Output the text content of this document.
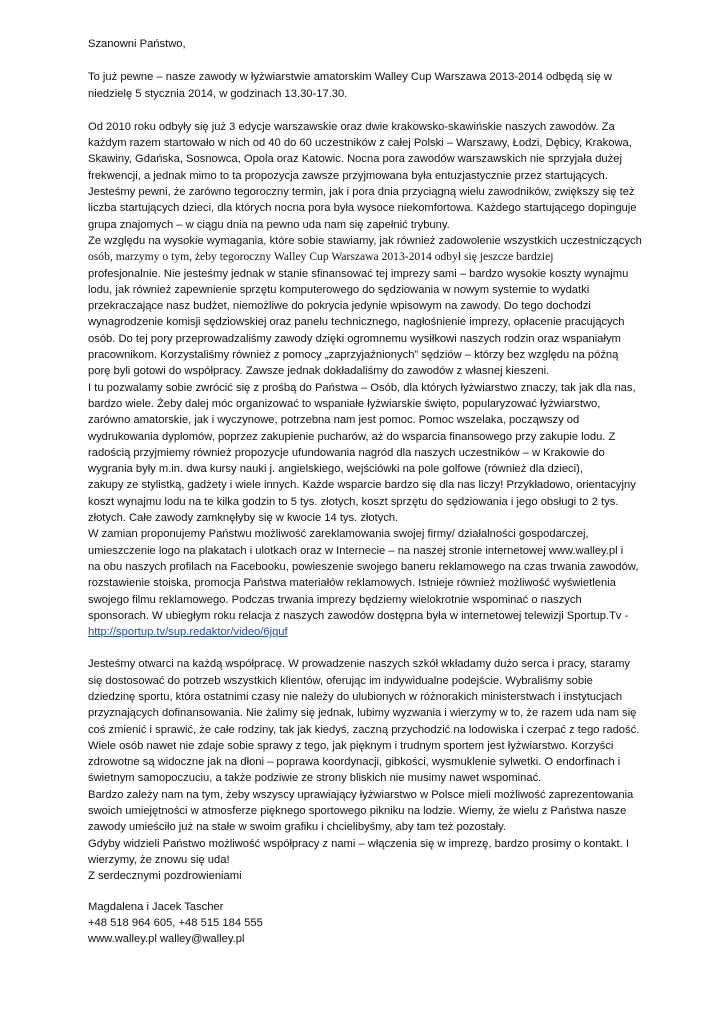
Szanowni Państwo,
To już pewne – nasze zawody w łyżwiarstwie amatorskim Walley Cup Warszawa 2013-2014 odbędą się w
niedzielę 5 stycznia 2014, w godzinach 13.30-17.30.
Od 2010 roku odbyły się już 3 edycje warszawskie oraz dwie krakowsko-skawińskie naszych zawodów. Za
każdym razem startowało w nich od 40 do 60 uczestników z całej Polski – Warszawy, Łodzi, Dębicy, Krakowa,
Skawiny, Gdańska, Sosnowca, Opola oraz Katowic. Nocna pora zawodów warszawskich nie sprzyjała dużej
frekwencji, a jednak mimo to ta propozycja zawsze przyjmowana była entuzjastycznie przez startujących.
Jesteśmy pewni, że zarówno tegoroczny termin, jak i pora dnia przyciągną wielu zawodników, zwiększy się też
liczba startujących dzieci, dla których nocna pora była wysoce niekomfortowa. Każdego startującego dopinguje
grupa znajomych – w ciągu dnia na pewno uda nam się zapełnić trybuny.
Ze względu na wysokie wymagania, które sobie stawiamy, jak również zadowolenie wszystkich uczestniczących
osób, marzymy o tym, żeby tegoroczny Walley Cup Warszawa 2013-2014 odbył się jeszcze bardziej
profesjonalnie. Nie jesteśmy jednak w stanie sfinansować tej imprezy sami – bardzo wysokie koszty wynajmu
lodu, jak również zapewnienie sprzętu komputerowego do sędziowania w nowym systemie to wydatki
przekraczające nasz budżet, niemożliwe do pokrycia jedynie wpisowym na zawody. Do tego dochodzi
wynagrodzenie komisji sędziowskiej oraz panelu technicznego, nagłośnienie imprezy, opłacenie pracujących
osób. Do tej pory przeprowadzaliśmy zawody dzięki ogromnemu wysiłkowi naszych rodzin oraz wspaniałym
pracownikom. Korzystaliśmy również z pomocy „zaprzyjaźnionych” sędziów – którzy bez względu na późną
porę byli gotowi do współpracy. Zawsze jednak dokładaliśmy do zawodów z własnej kieszeni.
I tu pozwalamy sobie zwrócić się z prośbą do Państwa – Osób, dla których łyżwiarstwo znaczy, tak jak dla nas,
bardzo wiele. Żeby dalej móc organizować to wspaniałe łyżwiarskie święto, popularyzować łyżwiarstwo,
zarówno amatorskie, jak i wyczynowe, potrzebna nam jest pomoc. Pomoc wszelaka, począwszy od
wydrukowania dyplomów, poprzez zakupienie pucharów, aż do wsparcia finansowego przy zakupie lodu. Z
radością przyjmiemy również propozycje ufundowania nagród dla naszych uczestników – w Krakowie do
wygrania były m.in. dwa kursy nauki j. angielskiego, wejściówki na pole golfowe (również dla dzieci),
zakupy ze stylistką, gadżety i wiele innych. Każde wsparcie bardzo się dla nas liczy! Przykładowo, orientacyjny
koszt wynajmu lodu na te kilka godzin to 5 tys. złotych, koszt sprzętu do sędziowania i jego obsługi to 2 tys.
złotych. Całe zawody zamknęłyby się w kwocie 14 tys. złotych.
W zamian proponujemy Państwu możliwość zareklamowania swojej firmy/ działalności gospodarczej,
umieszczenie logo na plakatach i ulotkach oraz w Internecie – na naszej stronie internetowej www.walley.pl i
na obu naszych profilach na Facebooku, powieszenie swojego baneru reklamowego na czas trwania zawodów,
rozstawienie stoiska, promocja Państwa materiałów reklamowych. Istnieje również możliwość wyświetlenia
swojego filmu reklamowego. Podczas trwania imprezy będziemy wielokrotnie wspominać o naszych
sponsorach. W ubiegłym roku relacja z naszych zawodów dostępna była w internetowej telewizji Sportup.Tv -
http://sportup.tv/sup.redaktor/video/6jquf
Jesteśmy otwarci na każdą współpracę. W prowadzenie naszych szkół wkładamy dużo serca i pracy, staramy
się dostosować do potrzeb wszystkich klientów, oferując im indywidualne podejście. Wybraliśmy sobie
dziedzinę sportu, która ostatnimi czasy nie należy do ulubionych w różnorakich ministerstwach i instytucjach
przyznających dofinansowania. Nie żalimy się jednak, lubimy wyzwania i wierzymy w to, że razem uda nam się
coś zmienić i sprawić, że całe rodziny, tak jak kiedyś, zaczną przychodzić na lodowiska i czerpać z tego radość.
Wiele osób nawet nie zdaje sobie sprawy z tego, jak pięknym i trudnym sportem jest łyżwiarstwo. Korzyści
zdrowotne są widoczne jak na dłoni – poprawa koordynacji, gibkości, wysmuklenie sylwetki. O endorfinach i
świetnym samopoczuciu, a także podziwie ze strony bliskich nie musimy nawet wspominać.
Bardzo zależy nam na tym, żeby wszyscy uprawiający łyżwiarstwo w Polsce mieli możliwość zaprezentowania
swoich umiejętności w atmosferze pięknego sportowego pikniku na lodzie. Wiemy, że wielu z Państwa nasze
zawody umieściło już na stałe w swoim grafiku i chcielibyśmy, aby tam też pozostały.
Gdyby widzieli Państwo możliwość współpracy z nami – włączenia się w imprezę, bardzo prosimy o kontakt. I
wierzymy, że znowu się uda!
Z serdecznymi pozdrowieniami
Magdalena i Jacek Tascher
+48 518 964 605, +48 515 184 555
www.walley.pl walley@walley.pl
